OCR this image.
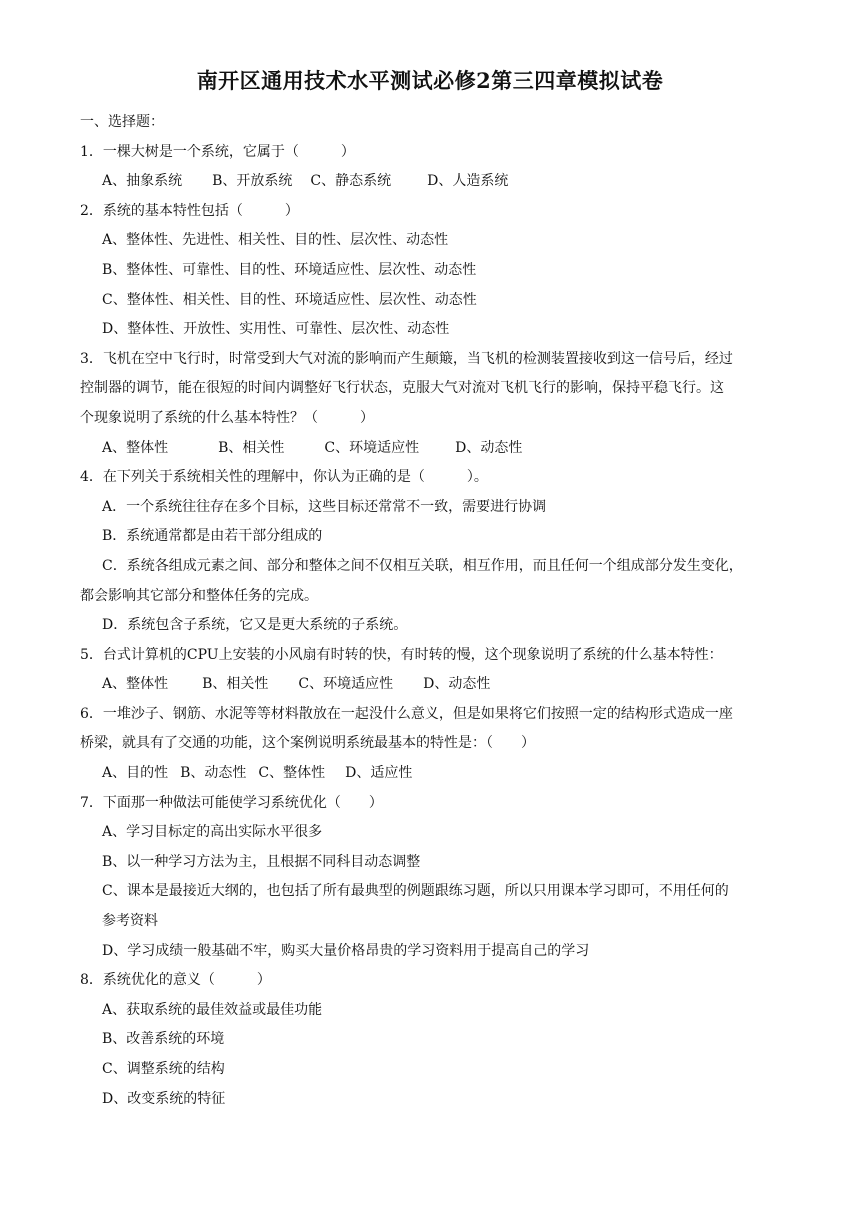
南开区通用技术水平测试必修2第三四章模拟试卷
一、选择题：
1．一棵大树是一个系统，它属于（　　　）
A、抽象系统 B、开放系统 C、静态系统	D、人造系统
2．系统的基本特性包括（　　　）
A、整体性、先进性、相关性、目的性、层次性、动态性
B、整体性、可靠性、目的性、环境适应性、层次性、动态性
C、整体性、相关性、目的性、环境适应性、层次性、动态性
D、整体性、开放性、实用性、可靠性、层次性、动态性
3．飞机在空中飞行时，时常受到大气对流的影响而产生颠簸，当飞机的检测装置接收到这一信号后，经过
控制器的调节，能在很短的时间内调整好飞行状态，克服大气对流对飞机飞行的影响，保持平稳飞行。这
个现象说明了系统的什么基本特性？（　　　）
A、整体性	B、相关性	C、环境适应性	D、动态性
4．在下列关于系统相关性的理解中，你认为正确的是（　　　）。
A．一个系统往往存在多个目标，这些目标还常常不一致，需要进行协调
B．系统通常都是由若干部分组成的
C．系统各组成元素之间、部分和整体之间不仅相互关联，相互作用，而且任何一个组成部分发生变化，
都会影响其它部分和整体任务的完成。
D．系统包含子系统，它又是更大系统的子系统。
5．台式计算机的CPU上安装的小风扇有时转的快，有时转的慢，这个现象说明了系统的什么基本特性：
A、整体性 B、相关性 C、环境适应性 D、动态性
6．一堆沙子、钢筋、水泥等等材料散放在一起没什么意义，但是如果将它们按照一定的结构形式造成一座
桥梁，就具有了交通的功能，这个案例说明系统最基本的特性是：（　　）
A、目的性 B、动态性 C、整体性 D、适应性
7．下面那一种做法可能使学习系统优化（　　）
A、学习目标定的高出实际水平很多
B、以一种学习方法为主，且根据不同科目动态调整
C、课本是最接近大纲的，也包括了所有最典型的例题跟练习题，所以只用课本学习即可，不用任何的
参考资料
D、学习成绩一般基础不牢，购买大量价格昂贵的学习资料用于提高自己的学习
8．系统优化的意义（　　　）
A、获取系统的最佳效益或最佳功能
B、改善系统的环境
C、调整系统的结构
D、改变系统的特征
